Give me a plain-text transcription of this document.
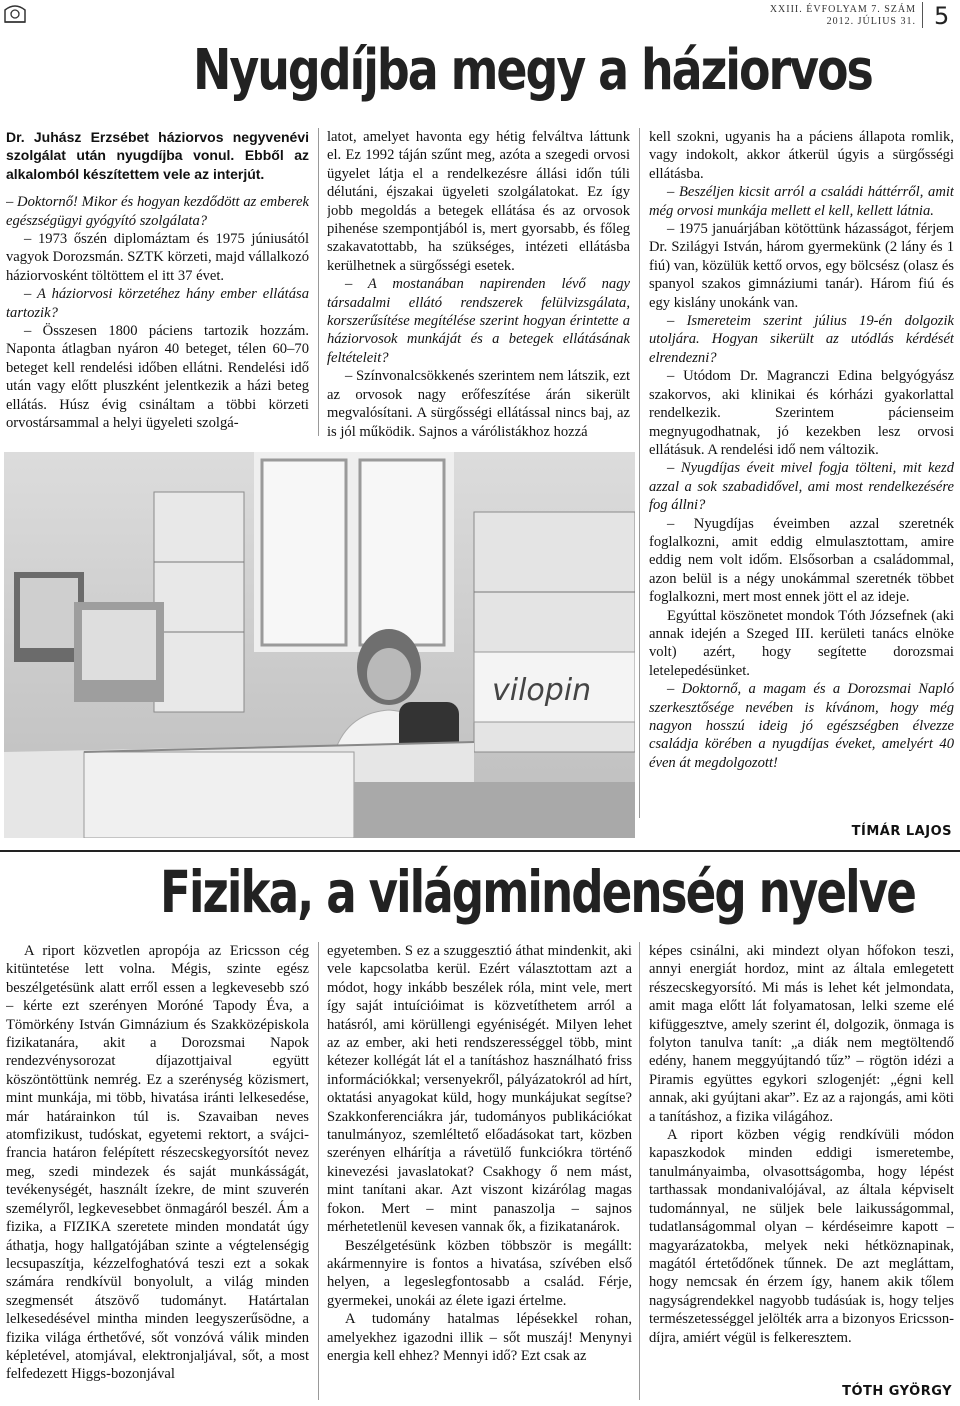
XXIII. ÉVFOLYAM 7. SZÁM
2012. JÚLIUS 31. 5
Nyugdíjba megy a háziorvos

Dr. Juhász Erzsébet háziorvos negyvenévi szolgálat után nyugdíjba vonul. Ebből az alkalomból készítettem vele az interjút.

– Doktornő! Mikor és hogyan kezdődött az emberek egészségügyi gyógyító szolgálata?

– 1973 őszén diplomáztam és 1975 júniusától vagyok Dorozsmán. SZTK körzeti, majd vállalkozó háziorvosként töltöttem el itt 37 évet.

– A háziorvosi körzetéhez hány ember ellátása tartozik?

– Összesen 1800 páciens tartozik hozzám. Naponta átlagban nyáron 40 beteget, télen 60–70 beteget kell rendelési időben ellátni. Rendelési idő után vagy előtt pluszként jelentkezik a házi beteg ellátás. Húsz évig csináltam a többi körzeti orvostársammal a helyi ügyeleti szolgá-

latot, amelyet havonta egy hétig felváltva láttunk el. Ez 1992 táján szűnt meg, azóta a szegedi orvosi ügyelet látja el a rendelkezésre állási időn túli délutáni, éjszakai ügyeleti szolgálatokat. Ez így jobb megoldás a betegek ellátása és az orvosok pihenése szempontjából is, mert gyorsabb, és főleg szakavatottabb, ha szükséges, intézeti ellátásba kerülhetnek a sürgősségi esetek.

– A mostanában napirenden lévő nagy társadalmi ellátó rendszerek felülvizsgálata, korszerűsítése megítélése szerint hogyan érintette a háziorvosok munkáját és a betegek ellátásának feltételeit?

– Színvonalcsökkenés szerintem nem látszik, ezt az orvosok nagy erőfeszítése árán sikerült megvalósítani. A sürgősségi ellátással nincs baj, az is jól működik. Sajnos a várólistákhoz hozzá

kell szokni, ugyanis ha a páciens állapota romlik, vagy indokolt, akkor átkerül úgyis a sürgősségi ellátásba.

– Beszéljen kicsit arról a családi háttérről, amit még orvosi munkája mellett el kell, kellett látnia.

– 1975 januárjában kötöttünk házasságot, férjem Dr. Szilágyi István, három gyermekünk (2 lány és 1 fiú) van, közülük kettő orvos, egy bölcsész (olasz és spanyol szakos gimnáziumi tanár). Három fiú és egy kislány unokánk van.

– Ismereteim szerint július 19-én dolgozik utoljára. Hogyan sikerült az utódlás kérdését elrendezni?

– Utódom Dr. Magranczi Edina belgyógyász szakorvos, aki klinikai és kórházi gyakorlattal rendelkezik. Szerintem pácienseim megnyugodhatnak, jó kezekben lesz orvosi ellátásuk. A rendelési idő nem változik.

– Nyugdíjas éveit mivel fogja tölteni, mit kezd azzal a sok szabadidővel, ami most rendelkezésére fog állni?

– Nyugdíjas éveimben azzal szeretnék foglalkozni, amit eddig elmulasztottam, amire eddig nem volt időm. Elsősorban a családommal, azon belül is a négy unokámmal szeretnék többet foglalkozni, mert most ennek jött el az ideje.

Egyúttal köszönetet mondok Tóth Józsefnek (aki annak idején a Szeged III. kerületi tanács elnöke volt) azért, hogy segítette dorozsmai letelepedésünket.

– Doktornő, a magam és a Dorozsmai Napló szerkesztősége nevében is kívánom, hogy még nagyon hosszú ideig jó egészségben élvezze családja körében a nyugdíjas éveket, amelyért 40 éven át megdolgozott!

TÍMÁR LAJOS
vilopin
Fizika, a világmindenség nyelve

A riport közvetlen apropója az Ericsson cég kitüntetése lett volna. Mégis, szinte egész beszélgetésünk alatt erről essen a legkevesebb szó – kérte ezt szerényen Moróné Tapody Éva, a Tömörkény István Gimnázium és Szakközépiskola fizikatanára, akit a Dorozsmai Napok rendezvénysorozat díjazottjaival együtt köszöntöttünk nemrég. Ez a szerénység közismert, mint munkája, mi több, hivatása iránti lelkesedése, már határainkon túl is. Szavaiban neves atomfizikust, tudóskat, egyetemi rektort, a svájci-francia határon felépített részecskegyorsítót nevez meg, szedi mindezek és saját munkásságát, tevékenységét, használt ízekre, de mint szuverén személyről, legkevesebbet önmagáról beszél. Ám a fizika, a FIZIKA szeretete minden mondatát úgy áthatja, hogy hallgatójában szinte a végtelenségig lecsupaszítja, kézzelfoghatóvá teszi ezt a sokak számára rendkívül bonyolult, a világ minden szegmensét átszövő tudományt. Határtalan lelkesedésével mintha minden leegyszerűsödne, a fizika világa érthetővé, sőt vonzóvá válik minden képletével, atomjával, elektronjaljával, sőt, a most felfedezett Higgs-bozonjával

egyetemben. S ez a szuggesztió áthat mindenkit, aki vele kapcsolatba kerül. Ezért választottam azt a módot, hogy inkább beszélek róla, mint vele, mert így saját intuícióimat is közvetíthetem arról a hatásról, ami körüllengi egyéniségét. Milyen lehet az az ember, aki heti rendszerességgel több, mint kétezer kollégát lát el a tanításhoz használható friss információkkal; versenyekről, pályázatokról ad hírt, oktatási anyagokat küld, hogy munkájukat segítse? Szakkonferenciákra jár, tudományos publikációkat tanulmányoz, szemléltető előadásokat tart, közben szerényen elhárítja a rávetülő funkciókra történő kinevezési javaslatokat? Csakhogy ő nem mást, mint tanítani akar. Azt viszont kizárólag magas fokon. Mert – mint panaszolja – sajnos mérhetetlenül kevesen vannak ők, a fizikatanárok.

Beszélgetésünk közben többször is megállt: akármennyire is fontos a hivatása, szívében első helyen, a legeslegfontosabb a család. Férje, gyermekei, unokái az élete igazi értelme.

A tudomány hatalmas lépésekkel rohan, amelyekhez igazodni illik – sőt muszáj! Menynyi energia kell ehhez? Mennyi idő? Ezt csak az

képes csinálni, aki mindezt olyan hőfokon teszi, annyi energiát hordoz, mint az általa emlegetett részecskegyorsító. Mi más is lehet két jelmondata, amit maga előtt lát folyamatosan, lelki szeme elé kifüggesztve, amely szerint él, dolgozik, önmaga is folyton tanulva tanít: „a diák nem megtöltendő edény, hanem meggyújtandó tűz” – rögtön idézi a Piramis együttes egykori szlogenjét: „égni kell annak, aki gyújtani akar”. Ez az a rajongás, ami köti a tanításhoz, a fizika világához.

A riport közben végig rendkívüli módon kapaszkodok minden eddigi ismeretembe, tanulmányaimba, olvasottságomba, hogy lépést tarthassak mondanivalójával, az általa képviselt tudománnyal, ne süljek bele laikusságommal, tudatlanságommal olyan – kérdéseimre kapott – magyarázatokba, melyek neki hétköznapinak, magától értetődőnek tűnnek. De azt megláttam, hogy nemcsak én érzem így, hanem akik tőlem nagyságrendekkel nagyobb tudásúak is, hogy teljes természetességgel jelölték arra a bizonyos Ericsson-díjra, amiért végül is felkeresztem.

TÓTH GYÖRGY
